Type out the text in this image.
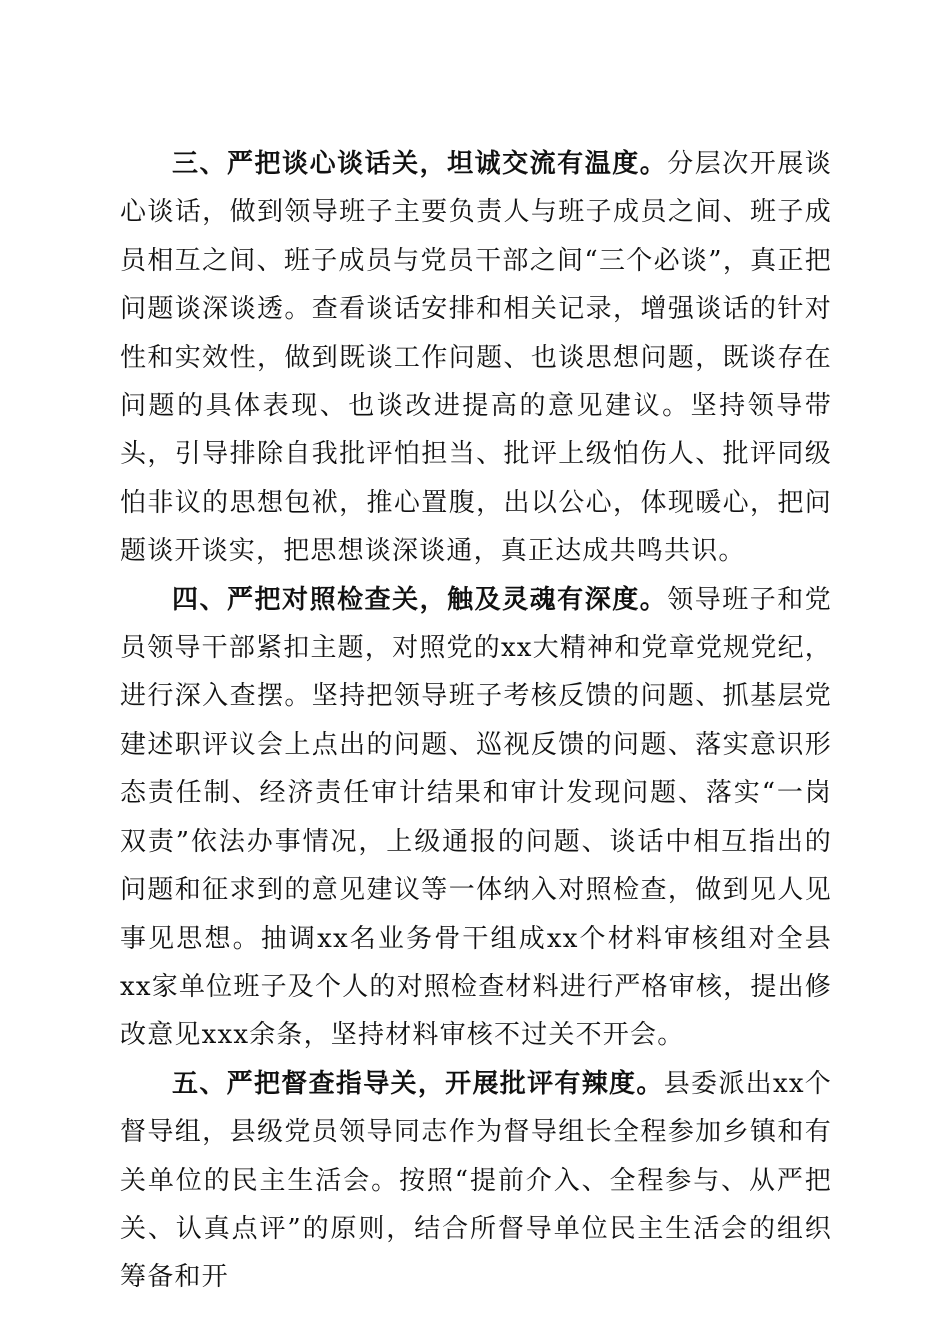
三、严把谈心谈话关，坦诚交流有温度。分层次开展谈心谈话，做到领导班子主要负责人与班子成员之间、班子成员相互之间、班子成员与党员干部之间“三个必谈”，真正把问题谈深谈透。查看谈话安排和相关记录，增强谈话的针对性和实效性，做到既谈工作问题、也谈思想问题，既谈存在问题的具体表现、也谈改进提高的意见建议。坚持领导带头，引导排除自我批评怕担当、批评上级怕伤人、批评同级怕非议的思想包袱，推心置腹，出以公心，体现暖心，把问题谈开谈实，把思想谈深谈通，真正达成共鸣共识。

四、严把对照检查关，触及灵魂有深度。领导班子和党员领导干部紧扣主题，对照党的xx大精神和党章党规党纪，进行深入查摆。坚持把领导班子考核反馈的问题、抓基层党建述职评议会上点出的问题、巡视反馈的问题、落实意识形态责任制、经济责任审计结果和审计发现问题、落实“一岗双责”依法办事情况，上级通报的问题、谈话中相互指出的问题和征求到的意见建议等一体纳入对照检查，做到见人见事见思想。抽调xx名业务骨干组成xx个材料审核组对全县xx家单位班子及个人的对照检查材料进行严格审核，提出修改意见xxx余条，坚持材料审核不过关不开会。

五、严把督查指导关，开展批评有辣度。县委派出xx个督导组，县级党员领导同志作为督导组长全程参加乡镇和有关单位的民主生活会。按照“提前介入、全程参与、从严把关、认真点评”的原则，结合所督导单位民主生活会的组织筹备和开
